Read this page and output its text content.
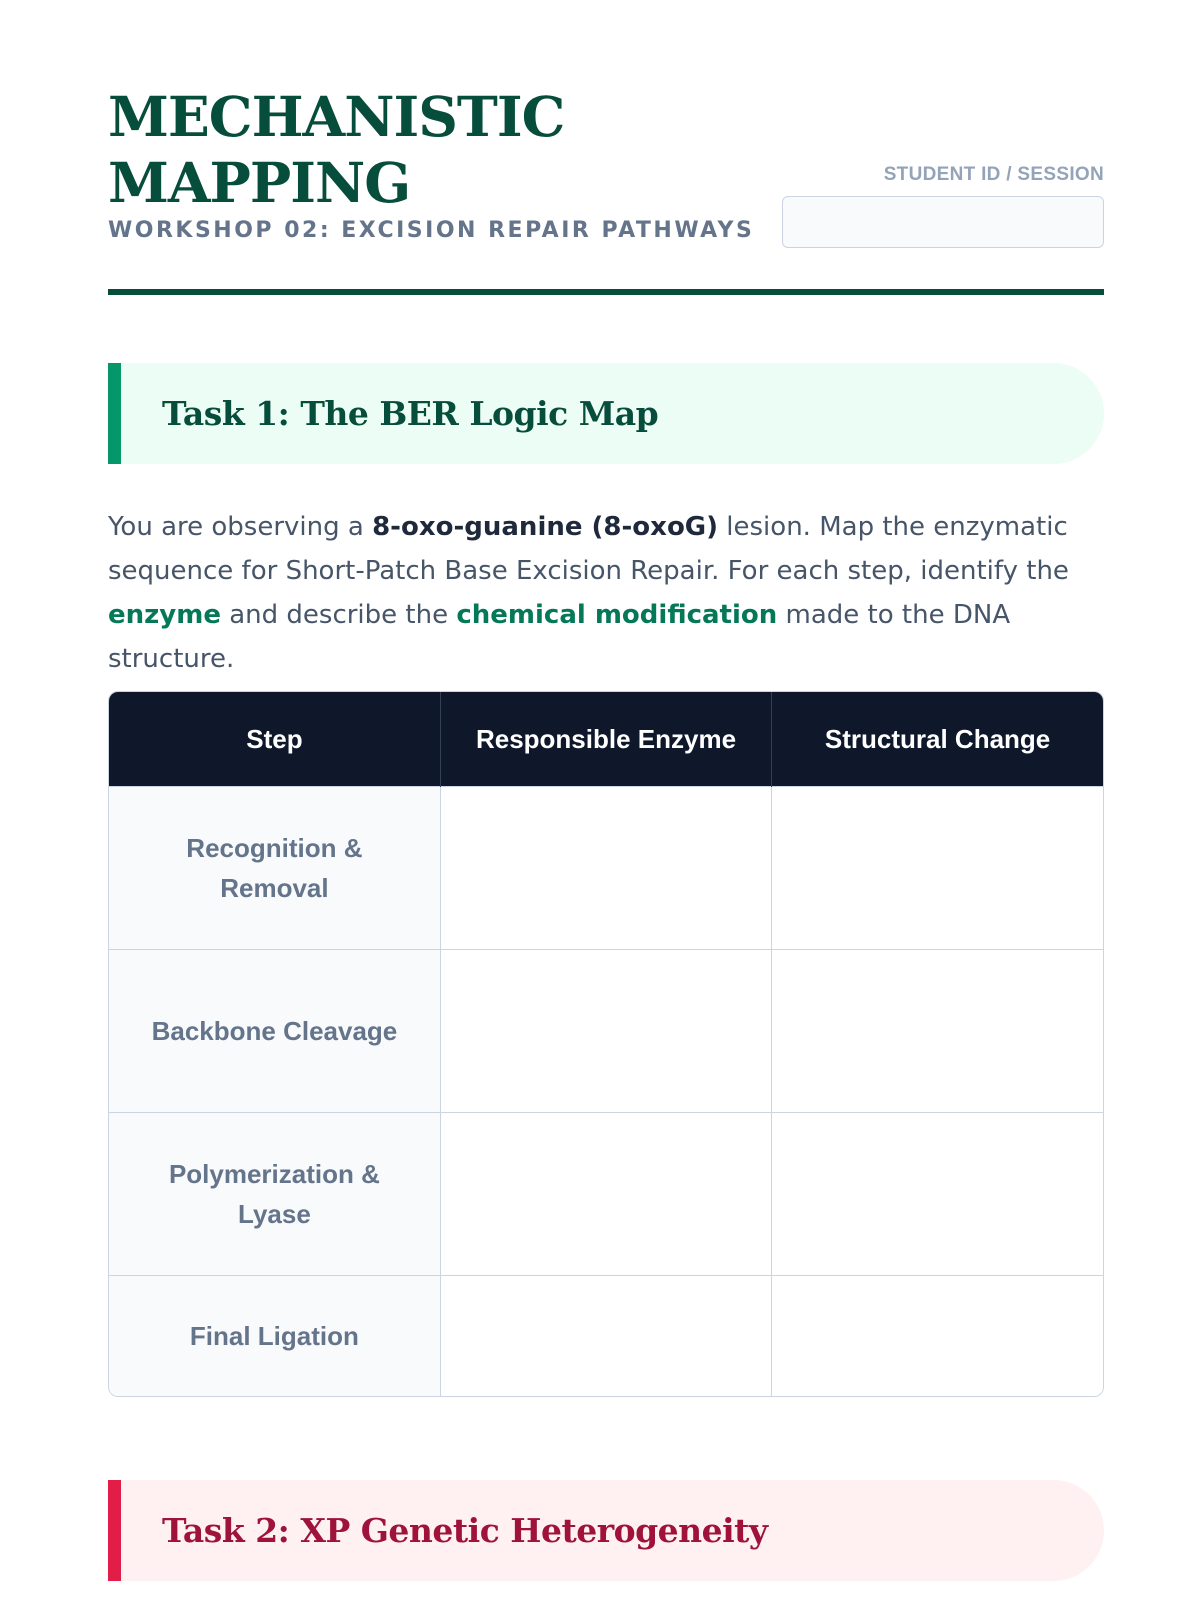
MECHANISTIC
MAPPING
WORKSHOP 02: EXCISION REPAIR PATHWAYS
STUDENT ID / SESSION
Task 1: The BER Logic Map

You are observing a 8-oxo-guanine (8-oxoG) lesion. Map the enzymatic sequence for Short-Patch Base Excision Repair. For each step, identify the enzyme and describe the chemical modification made to the DNA structure.

Step	Responsible Enzyme	Structural Change
Recognition & Removal		
Backbone Cleavage		
Polymerization & Lyase		
Final Ligation		
Task 2: XP Genetic Heterogeneity
